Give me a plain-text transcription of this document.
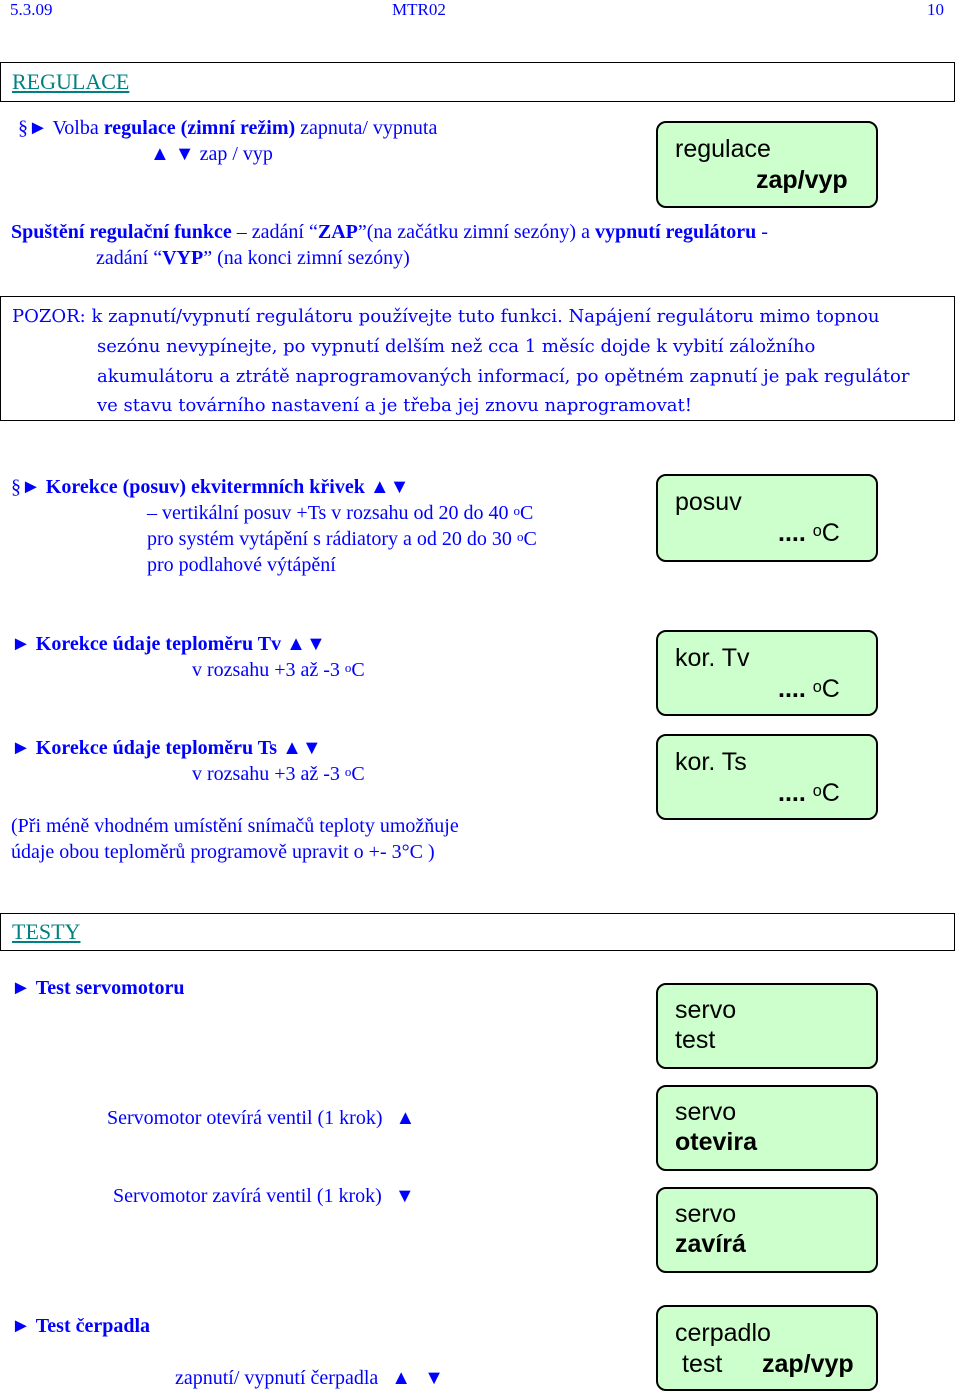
5.3.09	MTR02	10
REGULACE
§► Volba regulace (zimní režim) zapnuta/ vypnuta
▲ ▼ zap / vyp	regulace
zap/vyp
Spuštění regulační funkce – zadání “ZAP”(na začátku zimní sezóny) a vypnutí regulátoru -
zadání “VYP” (na konci zimní sezóny)

POZOR: k zapnutí/vypnutí regulátoru používejte tuto funkci. Napájení regulátoru mimo topnou

sezónu nevypínejte, po vypnutí delším než cca 1 měsíc dojde k vybití záložního

akumulátoru a ztrátě naprogramovaných informací, po opětném zapnutí je pak regulátor

ve stavu továrního nastavení a je třeba jej znovu naprogramovat!

§► Korekce (posuv) ekvitermních křivek ▲▼
– vertikální posuv +Ts v rozsahu od 20 do 40 $^o$C
pro systém vytápění s rádiatory a od 20 do 30 $^o$C
pro podlahové výtápění
posuv
.... $^o$ C
► Korekce údaje teploměru Tv ▲▼
v rozsahu +3 až -3 $^o$C	kor. Tv
.... $^o$ C
► Korekce údaje teploměru Ts ▲▼
v rozsahu +3 až -3 $^o$C	kor. Ts
.... $^o$ C
(Při méně vhodném umístění snímačů teploty umožňuje
údaje obou teploměrů programově upravit o +- 3°C )
TESTY
► Test servomotoru
servo
test
Servomotor otevírá ventil (1 krok) ▲	servo
otevira
Servomotor zavírá ventil (1 krok) ▼
servo
zavírá
► Test čerpadla
zapnutí/ vypnutí čerpadla ▲ ▼
cerpadlo
test zap/vyp
